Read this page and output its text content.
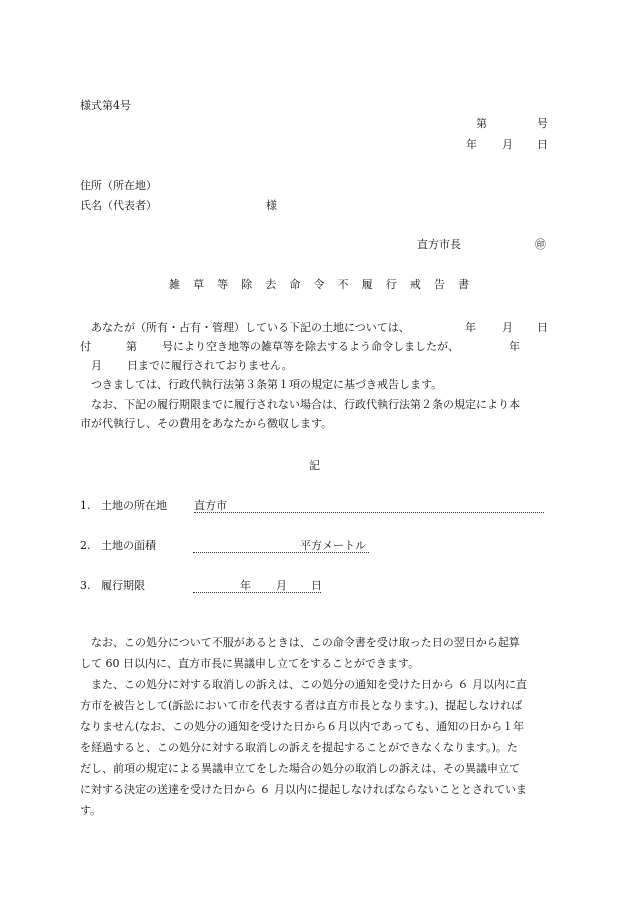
様式第4号
第	号
年 月 日
住所（所在地）
氏名（代表者）	様
直方市長	㊞
雑 草 等 除 去 命 令 不 履 行 戒 告 書
あなたが（所有・占有・管理）している下記の土地については、	年 月 日
付	第 号により空き地等の雑草等を除去するよう命令しましたが、	年
月 日までに履行されておりません。
つきましては、行政代執行法第３条第１項の規定に基づき戒告します。
なお、下記の履行期限までに履行されない場合は、行政代執行法第２条の規定により本
市が代執行し、その費用をあなたから徴収します。
記
1. 土地の所在地 直方市
2. 土地の面積	平方メートル
3. 履行期限	年 月 日
なお、この処分について不服があるときは、この命令書を受け取った日の翌日から起算
して 60 日以内に、直方市長に異議申し立てをすることができます。
また、この処分に対する取消しの訴えは、この処分の通知を受けた日から ６ 月以内に直
方市を被告として(訴訟において市を代表する者は直方市長となります。)、提起しなければ
なりません(なお、この処分の通知を受けた日から６月以内であっても、通知の日から１年
を経過すると、この処分に対する取消しの訴えを提起することができなくなります。)。た
だし、前項の規定による異議申立てをした場合の処分の取消しの訴えは、その異議申立て
に対する決定の送達を受けた日から ６ 月以内に提起しなければならないこととされていま
す。
